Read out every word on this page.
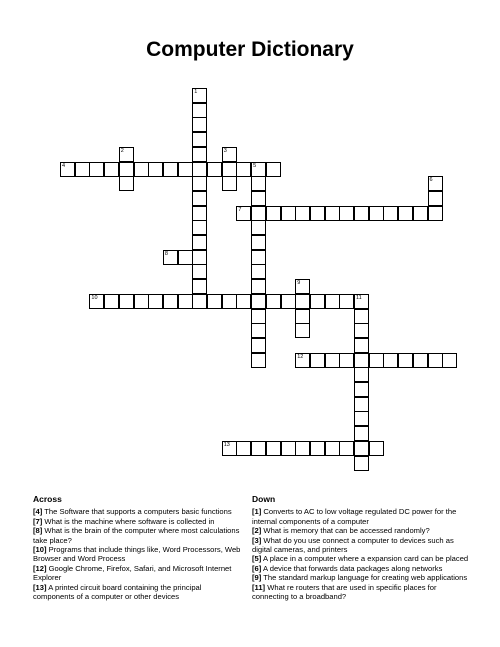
Computer Dictionary
1
2	3
4	5
6
7
8
9
10	11
12
13
Across

[4] The Software that supports a computers basic functions

[7] What is the machine where software is collected in

[8] What is the brain of the computer where most calculations take place?

[10] Programs that include things like, Word Processors, Web Browser and Word Process

[12] Google Chrome, Firefox, Safari, and Microsoft Internet Explorer

[13] A printed circuit board containing the principal components of a computer or other devices

Down

[1] Converts to AC to low voltage regulated DC power for the internal components of a computer

[2] What is memory that can be accessed randomly?

[3] What do you use connect a computer to devices such as digital cameras, and printers

[5] A place in a computer where a expansion card can be placed

[6] A device that forwards data packages along networks

[9] The standard markup language for creating web applications

[11] What re routers that are used in specific places for connecting to a broadband?
